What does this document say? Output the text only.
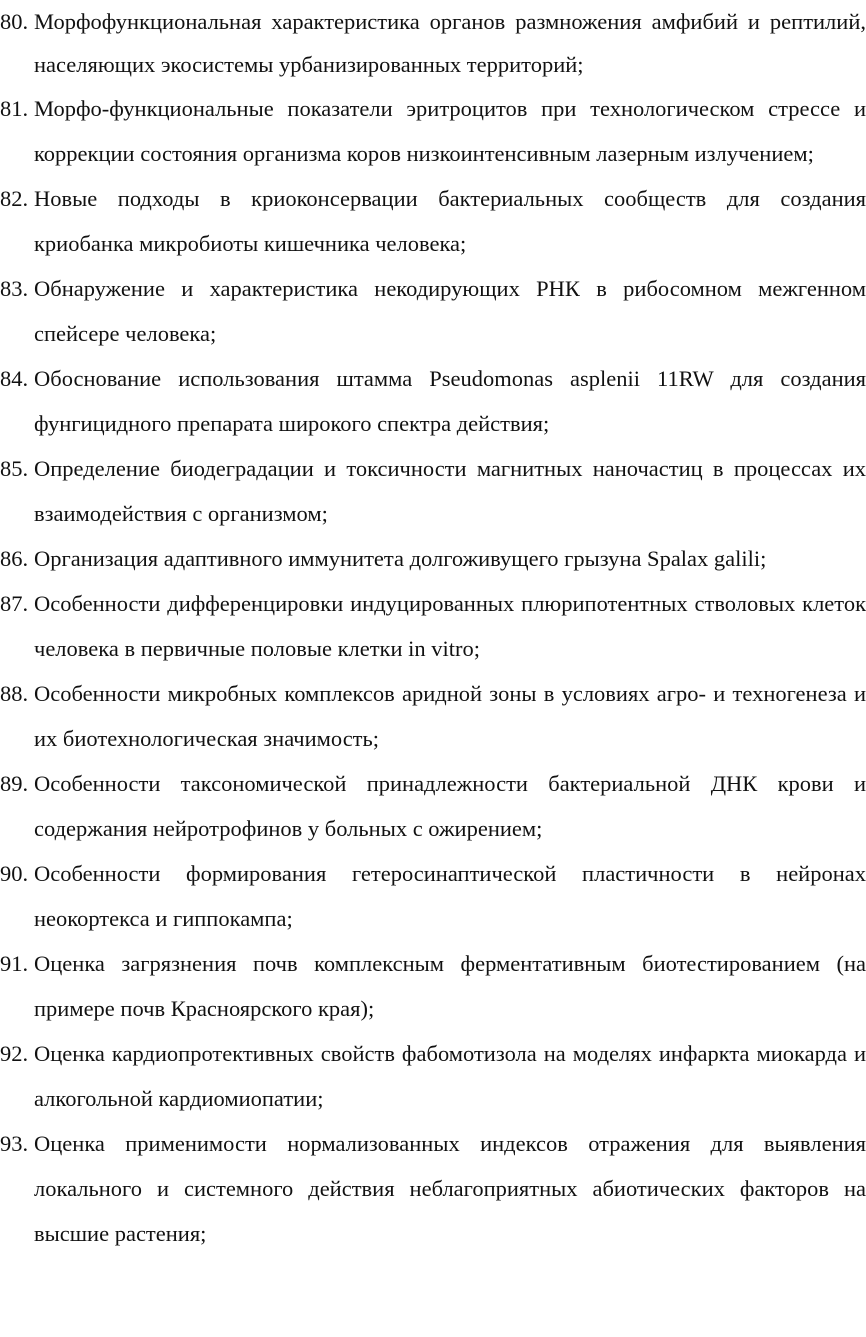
80. Морфофункциональная характеристика органов размножения амфибий и рептилий, населяющих экосистемы урбанизированных территорий;
81. Морфо-функциональные показатели эритроцитов при технологическом стрессе и коррекции состояния организма коров низкоинтенсивным лазерным излучением;
82. Новые подходы в криоконсервации бактериальных сообществ для создания криобанка микробиоты кишечника человека;
83. Обнаружение и характеристика некодирующих РНК в рибосомном межгенном спейсере человека;
84. Обоснование использования штамма Pseudomonas asplenii 11RW для создания фунгицидного препарата широкого спектра действия;
85. Определение биодеградации и токсичности магнитных наночастиц в процессах их взаимодействия с организмом;
86. Организация адаптивного иммунитета долгоживущего грызуна Spalax galili;
87. Особенности дифференцировки индуцированных плюрипотентных стволовых клеток человека в первичные половые клетки in vitro;
88. Особенности микробных комплексов аридной зоны в условиях агро- и техногенеза и их биотехнологическая значимость;
89. Особенности таксономической принадлежности бактериальной ДНК крови и содержания нейротрофинов у больных с ожирением;
90. Особенности формирования гетеросинаптической пластичности в нейронах неокортекса и гиппокампа;
91. Оценка загрязнения почв комплексным ферментативным биотестированием (на примере почв Красноярского края);
92. Оценка кардиопротективных свойств фабомотизола на моделях инфаркта миокарда и алкогольной кардиомиопатии;
93. Оценка применимости нормализованных индексов отражения для выявления локального и системного действия неблагоприятных абиотических факторов на высшие растения;
